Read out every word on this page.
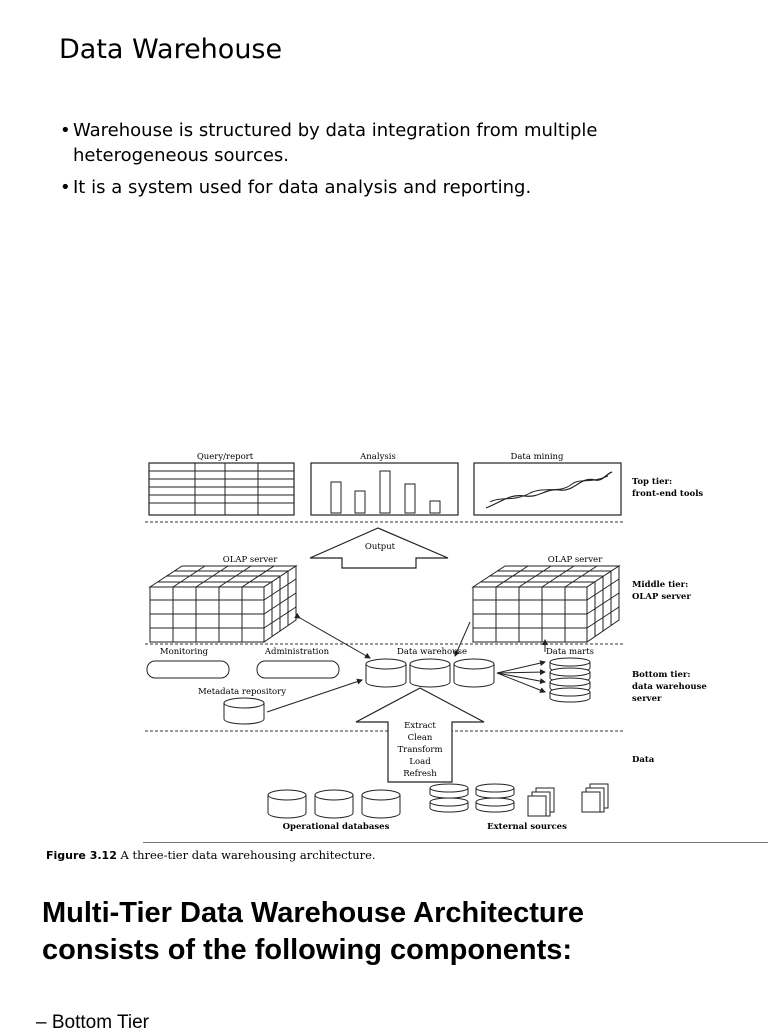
Data Warehouse
• Warehouse is structured by data integration from multiple heterogeneous sources.
• It is a system used for data analysis and reporting.
Query/report	Analysis	Data mining
Top tier:
front-end tools
Output
OLAP server	OLAP server
Middle tier:
OLAP server
Monitoring	Administration	Data warehouse	Data marts
Bottom tier:
data warehouse
server
Metadata repository
Extract
Clean
Transform
Load
Refresh
Data
Operational databases	External sources
Figure 3.12 A three-tier data warehousing architecture.
Multi-Tier Data Warehouse Architecture
consists of the following components:
– Bottom Tier
